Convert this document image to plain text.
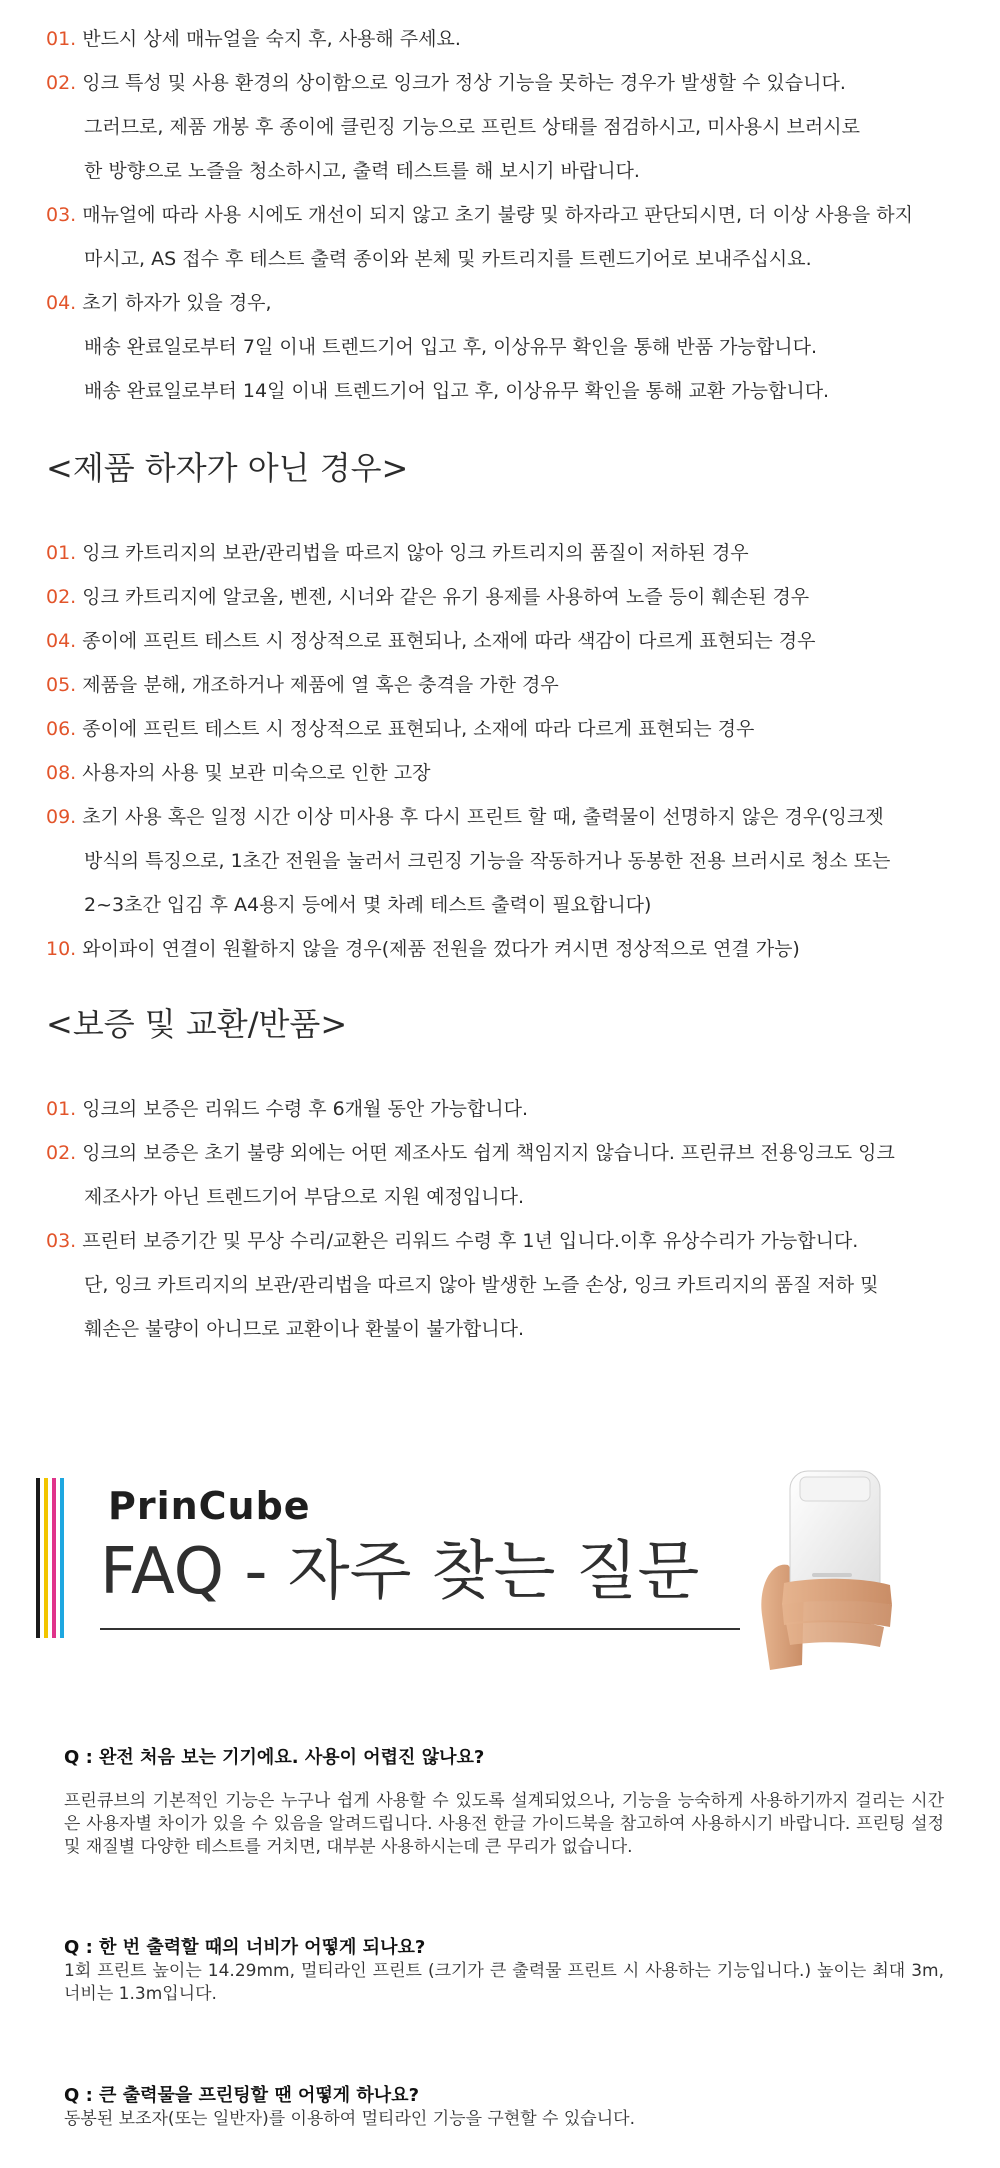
01. 반드시 상세 매뉴얼을 숙지 후, 사용해 주세요.
02. 잉크 특성 및 사용 환경의 상이함으로 잉크가 정상 기능을 못하는 경우가 발생할 수 있습니다.
그러므로, 제품 개봉 후 종이에 클린징 기능으로 프린트 상태를 점검하시고, 미사용시 브러시로
한 방향으로 노즐을 청소하시고, 출력 테스트를 해 보시기 바랍니다.
03. 매뉴얼에 따라 사용 시에도 개선이 되지 않고 초기 불량 및 하자라고 판단되시면, 더 이상 사용을 하지
마시고, AS 접수 후 테스트 출력 종이와 본체 및 카트리지를 트렌드기어로 보내주십시요.
04. 초기 하자가 있을 경우,
배송 완료일로부터 7일 이내 트렌드기어 입고 후, 이상유무 확인을 통해 반품 가능합니다.
배송 완료일로부터 14일 이내 트렌드기어 입고 후, 이상유무 확인을 통해 교환 가능합니다.
<제품 하자가 아닌 경우>
01. 잉크 카트리지의 보관/관리법을 따르지 않아 잉크 카트리지의 품질이 저하된 경우
02. 잉크 카트리지에 알코올, 벤젠, 시너와 같은 유기 용제를 사용하여 노즐 등이 훼손된 경우
04. 종이에 프린트 테스트 시 정상적으로 표현되나, 소재에 따라 색감이 다르게 표현되는 경우
05. 제품을 분해, 개조하거나 제품에 열 혹은 충격을 가한 경우
06. 종이에 프린트 테스트 시 정상적으로 표현되나, 소재에 따라 다르게 표현되는 경우
08. 사용자의 사용 및 보관 미숙으로 인한 고장
09. 초기 사용 혹은 일정 시간 이상 미사용 후 다시 프린트 할 때, 출력물이 선명하지 않은 경우(잉크젯
방식의 특징으로, 1초간 전원을 눌러서 크린징 기능을 작동하거나 동봉한 전용 브러시로 청소 또는
2~3초간 입김 후 A4용지 등에서 몇 차례 테스트 출력이 필요합니다)
10. 와이파이 연결이 원활하지 않을 경우(제품 전원을 껐다가 켜시면 정상적으로 연결 가능)
<보증 및 교환/반품>
01. 잉크의 보증은 리워드 수령 후 6개월 동안 가능합니다.
02. 잉크의 보증은 초기 불량 외에는 어떤 제조사도 쉽게 책임지지 않습니다. 프린큐브 전용잉크도 잉크
제조사가 아닌 트렌드기어 부담으로 지원 예정입니다.
03. 프린터 보증기간 및 무상 수리/교환은 리워드 수령 후 1년 입니다.이후 유상수리가 가능합니다.
단, 잉크 카트리지의 보관/관리법을 따르지 않아 발생한 노즐 손상, 잉크 카트리지의 품질 저하 및
훼손은 불량이 아니므로 교환이나 환불이 불가합니다.
PrinCube
FAQ - 자주 찾는 질문
Q : 완전 처음 보는 기기에요. 사용이 어렵진 않나요?
프린큐브의 기본적인 기능은 누구나 쉽게 사용할 수 있도록 설계되었으나, 기능을 능숙하게 사용하기까지 걸리는 시간은 사용자별 차이가 있을 수 있음을 알려드립니다. 사용전 한글 가이드북을 참고하여 사용하시기 바랍니다. 프린팅 설정 및 재질별 다양한 테스트를 거치면, 대부분 사용하시는데 큰 무리가 없습니다.
Q : 한 번 출력할 때의 너비가 어떻게 되나요?
1회 프린트 높이는 14.29mm, 멀티라인 프린트 (크기가 큰 출력물 프린트 시 사용하는 기능입니다.) 높이는 최대 3m, 너비는 1.3m입니다.
Q : 큰 출력물을 프린팅할 땐 어떻게 하나요?
동봉된 보조자(또는 일반자)를 이용하여 멀티라인 기능을 구현할 수 있습니다.
